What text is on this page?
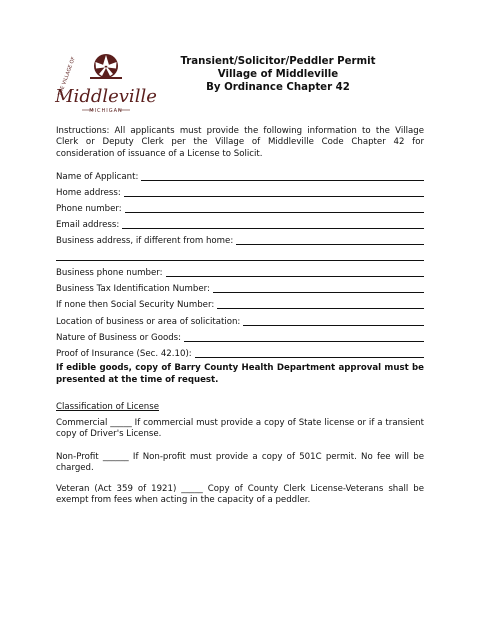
THE VILLAGE OF
Middleville
MICHIGAN
Transient/Solicitor/Peddler Permit
Village of Middleville
By Ordinance Chapter 42
Instructions: All applicants must provide the following information to the Village Clerk or Deputy Clerk per the Village of Middleville Code Chapter 42 for consideration of issuance of a License to Solicit.
Name of Applicant:
Home address:
Phone number:
Email address:
Business address, if different from home:
Business phone number:
Business Tax Identification Number:
If none then Social Security Number:
Location of business or area of solicitation:
Nature of Business or Goods:
Proof of Insurance (Sec. 42.10):
If edible goods, copy of Barry County Health Department approval must be presented at the time of request.
Classification of License
Commercial _____ If commercial must provide a copy of State license or if a transient copy of Driver's License.
Non-Profit ______ If Non-profit must provide a copy of 501C permit. No fee will be charged.
Veteran (Act 359 of 1921) _____ Copy of County Clerk License-Veterans shall be exempt from fees when acting in the capacity of a peddler.
